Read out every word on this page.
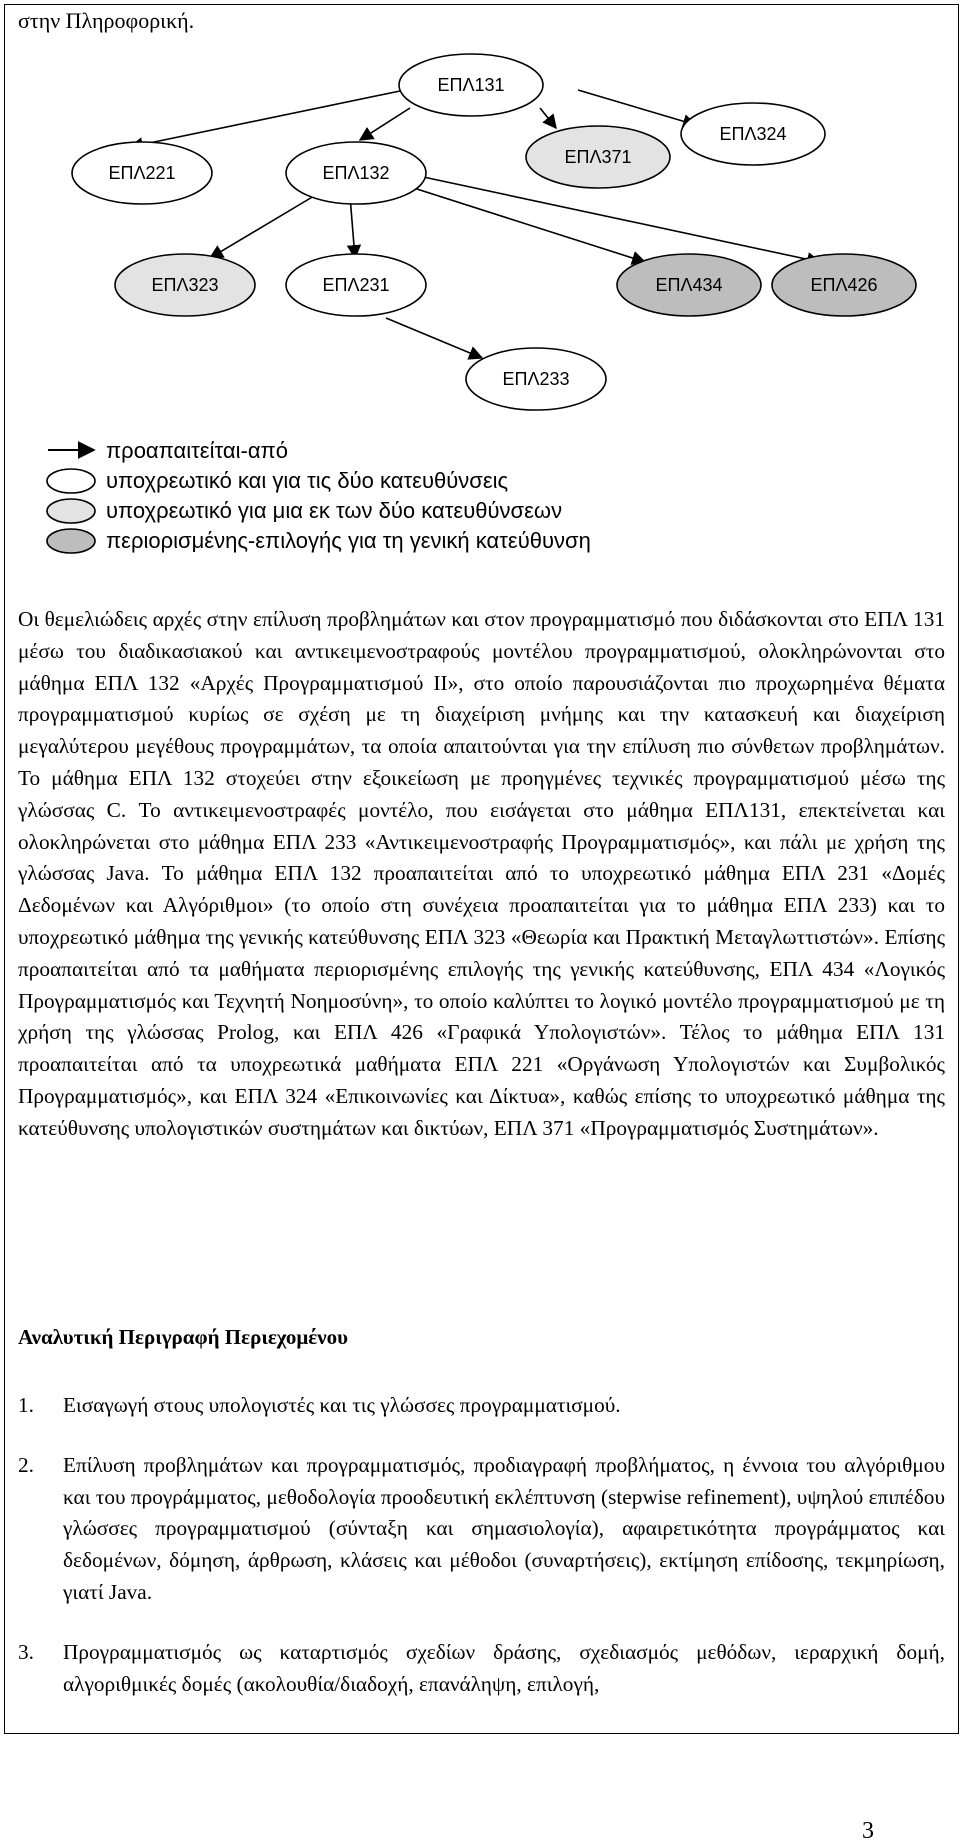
στην Πληροφορική.
ΕΠΛ131
ΕΠΛ221	ΕΠΛ132
ΕΠΛ371
ΕΠΛ324
ΕΠΛ323	ΕΠΛ231	ΕΠΛ434	ΕΠΛ426
ΕΠΛ233
προαπαιτείται-από
υποχρεωτικό και για τις δύο κατευθύνσεις
υποχρεωτικό για μια εκ των δύο κατευθύνσεων
περιορισμένης-επιλογής για τη γενική κατεύθυνση

Οι θεμελιώδεις αρχές στην επίλυση προβλημάτων και στον προγραμματισμό που διδάσκονται στο ΕΠΛ 131 μέσω του διαδικασιακού και αντικειμενοστραφούς μοντέλου προγραμματισμού, ολοκληρώνονται στο μάθημα ΕΠΛ 132 «Αρχές Προγραμματισμού ΙΙ», στο οποίο παρουσιάζονται πιο προχωρημένα θέματα προγραμματισμού κυρίως σε σχέση με τη διαχείριση μνήμης και την κατασκευή και διαχείριση μεγαλύτερου μεγέθους προγραμμάτων, τα οποία απαιτούνται για την επίλυση πιο σύνθετων προβλημάτων. Το μάθημα ΕΠΛ 132 στοχεύει στην εξοικείωση με προηγμένες τεχνικές προγραμματισμού μέσω της γλώσσας C. Το αντικειμενοστραφές μοντέλο, που εισάγεται στο μάθημα ΕΠΛ131, επεκτείνεται και ολοκληρώνεται στο μάθημα ΕΠΛ 233 «Αντικειμενοστραφής Προγραμματισμός», και πάλι με χρήση της γλώσσας Java. Το μάθημα ΕΠΛ 132 προαπαιτείται από το υποχρεωτικό μάθημα ΕΠΛ 231 «Δομές Δεδομένων και Αλγόριθμοι» (το οποίο στη συνέχεια προαπαιτείται για το μάθημα ΕΠΛ 233) και το υποχρεωτικό μάθημα της γενικής κατεύθυνσης ΕΠΛ 323 «Θεωρία και Πρακτική Μεταγλωττιστών». Επίσης προαπαιτείται από τα μαθήματα περιορισμένης επιλογής της γενικής κατεύθυνσης, ΕΠΛ 434 «Λογικός Προγραμματισμός και Τεχνητή Νοημοσύνη», το οποίο καλύπτει το λογικό μοντέλο προγραμματισμού με τη χρήση της γλώσσας Prolog, και ΕΠΛ 426 «Γραφικά Υπολογιστών». Τέλος το μάθημα ΕΠΛ 131 προαπαιτείται από τα υποχρεωτικά μαθήματα ΕΠΛ 221 «Οργάνωση Υπολογιστών και Συμβολικός Προγραμματισμός», και ΕΠΛ 324 «Επικοινωνίες και Δίκτυα», καθώς επίσης το υποχρεωτικό μάθημα της κατεύθυνσης υπολογιστικών συστημάτων και δικτύων, ΕΠΛ 371 «Προγραμματισμός Συστημάτων».

Αναλυτική Περιγραφή Περιεχομένου
1. Εισαγωγή στους υπολογιστές και τις γλώσσες προγραμματισμού.
2. Επίλυση προβλημάτων και προγραμματισμός, προδιαγραφή προβλήματος, η έννοια του αλγόριθμου και του προγράμματος, μεθοδολογία προοδευτική εκλέπτυνση (stepwise refinement), υψηλού επιπέδου γλώσσες προγραμματισμού (σύνταξη και σημασιολογία), αφαιρετικότητα προγράμματος και δεδομένων, δόμηση, άρθρωση, κλάσεις και μέθοδοι (συναρτήσεις), εκτίμηση επίδοσης, τεκμηρίωση, γιατί Java.
3. Προγραμματισμός ως καταρτισμός σχεδίων δράσης, σχεδιασμός μεθόδων, ιεραρχική δομή, αλγοριθμικές δομές (ακολουθία/διαδοχή, επανάληψη, επιλογή,
3
